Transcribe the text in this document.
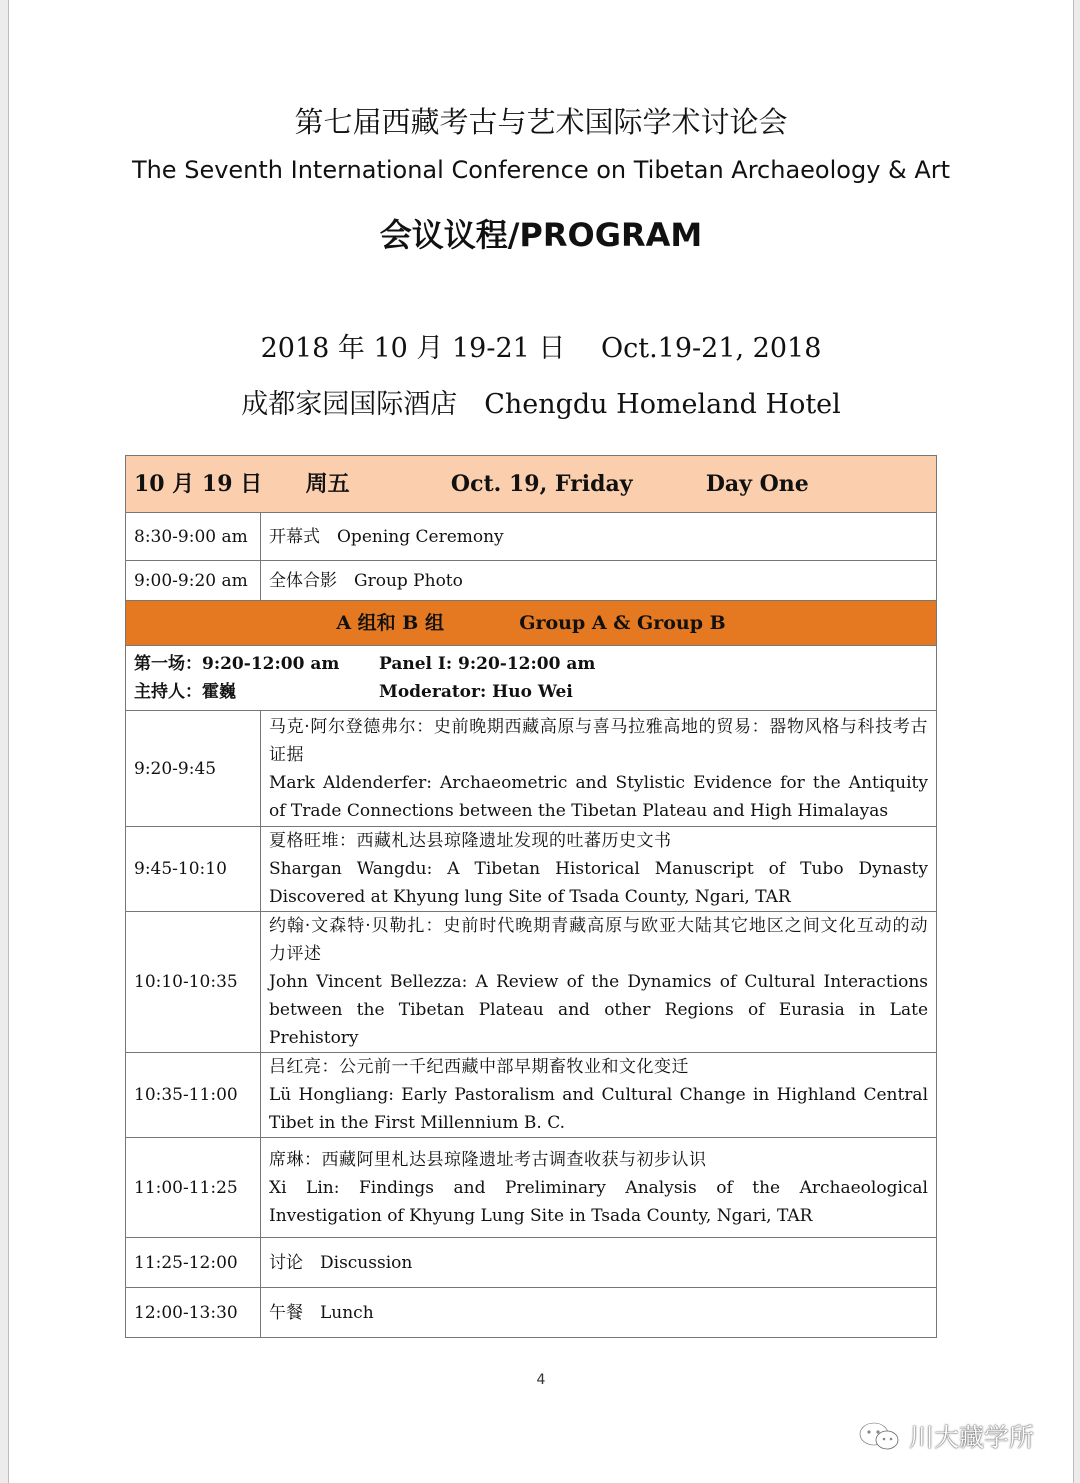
第七届西藏考古与艺术国际学术讨论会
The Seventh International Conference on Tibetan Archaeology & Art
会议议程/PROGRAM
2018 年 10 月 19-21 日　 Oct.19-21, 2018
成都家园国际酒店　Chengdu Homeland Hotel
10 月 19 日 周五 Oct. 19, Friday Day One	
8:30-9:00 am	开幕式　Opening Ceremony
9:00-9:20 am	全体合影　Group Photo
A 组和 B 组 Group A & Group B	

第一场：9:20-12:00 am Panel I: 9:20-12:00 am
主持人：霍巍 Moderator: Huo Wei	

9:20-9:45	马克·阿尔登德弗尔：史前晚期西藏高原与喜马拉雅高地的贸易：器物风格与科技考古证据
Mark Aldenderfer: Archaeometric and Stylistic Evidence for the Antiquity of Trade Connections between the Tibetan Plateau and High Himalayas
9:45-10:10	夏格旺堆：西藏札达县琼隆遗址发现的吐蕃历史文书
Shargan Wangdu: A Tibetan Historical Manuscript of Tubo Dynasty Discovered at Khyung lung Site of Tsada County, Ngari, TAR
10:10-10:35	约翰·文森特·贝勒扎：史前时代晚期青藏高原与欧亚大陆其它地区之间文化互动的动力评述
John Vincent Bellezza: A Review of the Dynamics of Cultural Interactions between the Tibetan Plateau and other Regions of Eurasia in Late Prehistory
10:35-11:00	吕红亮：公元前一千纪西藏中部早期畜牧业和文化变迁
Lü Hongliang: Early Pastoralism and Cultural Change in Highland Central Tibet in the First Millennium B. C.
11:00-11:25	席琳：西藏阿里札达县琼隆遗址考古调查收获与初步认识
Xi Lin: Findings and Preliminary Analysis of the Archaeological Investigation of Khyung Lung Site in Tsada County, Ngari, TAR
11:25-12:00	讨论　Discussion
12:00-13:30	午餐　Lunch
4
川大藏学所
